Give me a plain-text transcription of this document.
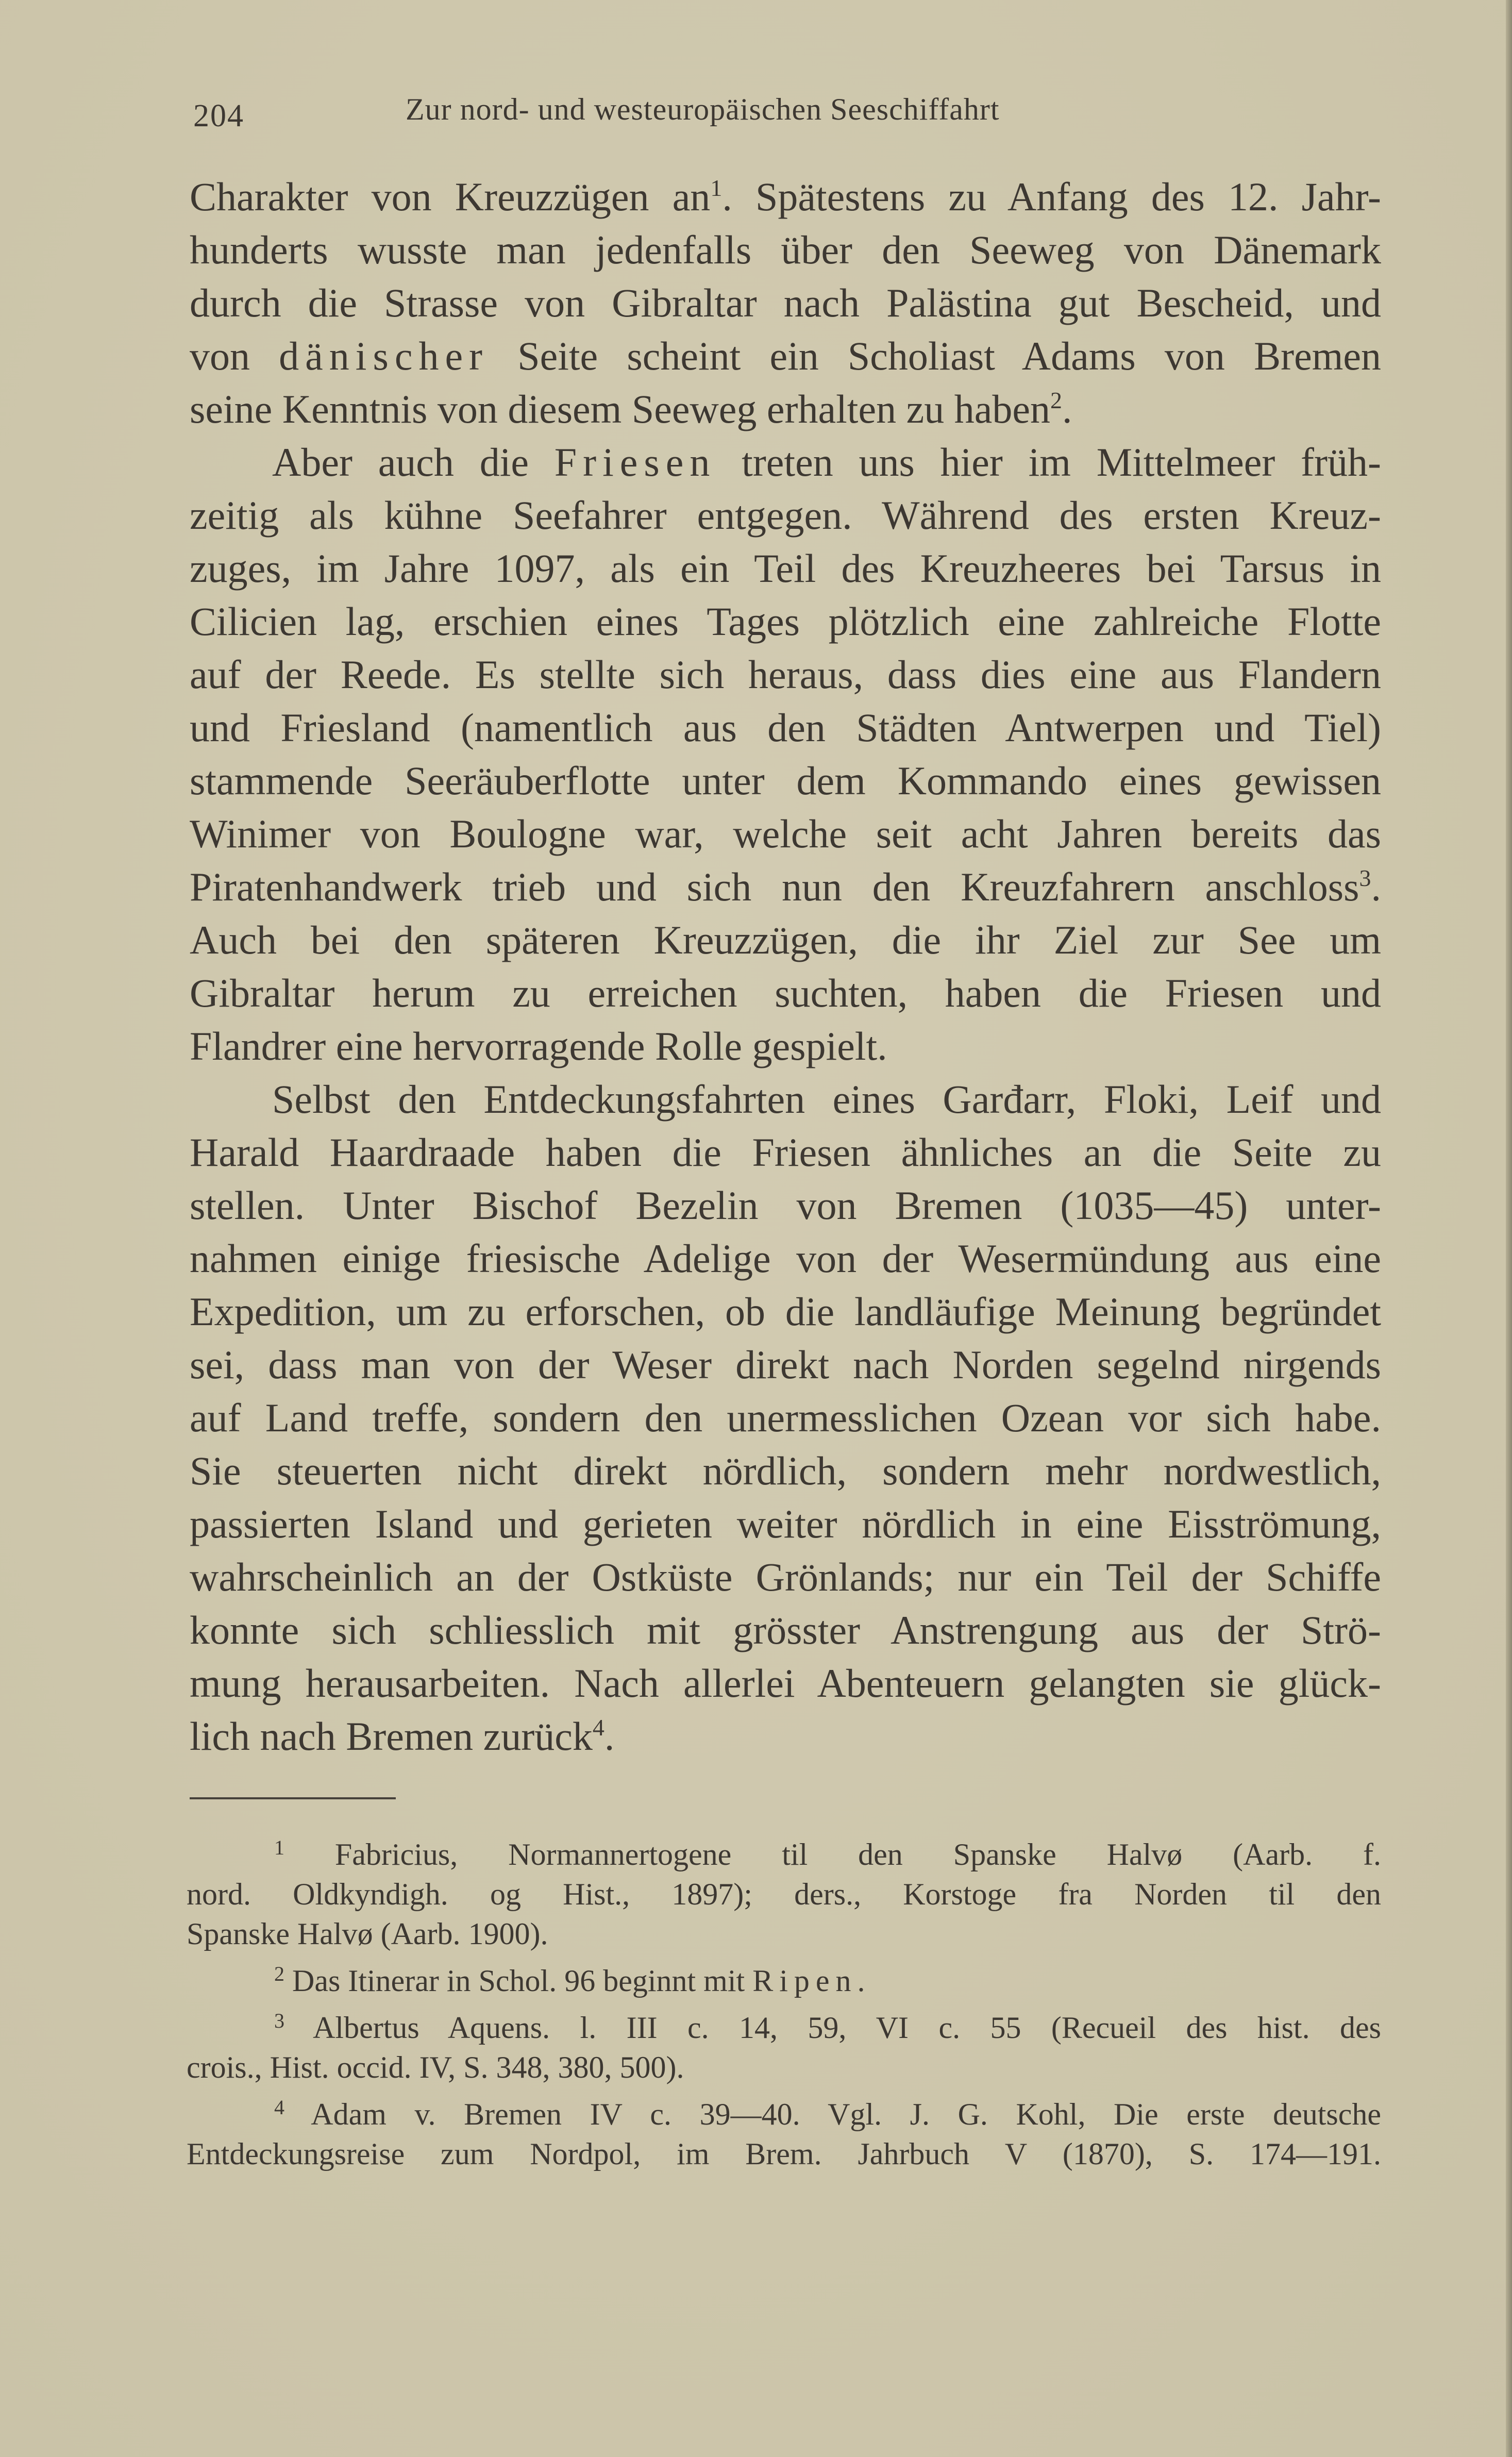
204	Zur nord- und westeuropäischen Seeschiffahrt
Charakter von Kreuzzügen $an^1$. Spätestens zu Anfang des 12. Jahr-
hunderts wusste man jedenfalls über den Seeweg von Dänemark
durch die Strasse von Gibraltar nach Palästina gut Bescheid, und
von dänischer Seite scheint ein Scholiast Adams von Bremen
seine Kenntnis von diesem Seeweg erhalten zu haben$^2$.
Aber auch die Friesen treten uns hier im Mittelmeer früh-
zeitig als kühne Seefahrer entgegen. Während des ersten Kreuz-
zuges, im Jahre 1097, als ein Teil des Kreuzheeres bei Tarsus in
Cilicien lag, erschien eines Tages plötzlich eine zahlreiche Flotte
auf der Reede. Es stellte sich heraus, dass dies eine aus Flandern
und Friesland (namentlich aus den Städten Antwerpen und Tiel)
stammende Seeräuberflotte unter dem Kommando eines gewissen
Winimer von Boulogne war, welche seit acht Jahren bereits das
Piratenhandwerk trieb und sich nun den Kreuzfahrern anschloss$^3$.
Auch bei den späteren Kreuzzügen, die ihr Ziel zur See um
Gibraltar herum zu erreichen suchten, haben die Friesen und
Flandrer eine hervorragende Rolle gespielt.
Selbst den Entdeckungsfahrten eines Garđarr, Floki, Leif und
Harald Haardraade haben die Friesen ähnliches an die Seite zu
stellen. Unter Bischof Bezelin von Bremen (1035—45) unter-
nahmen einige friesische Adelige von der Wesermündung aus eine
Expedition, um zu erforschen, ob die landläufige Meinung begründet
sei, dass man von der Weser direkt nach Norden segelnd nirgends
auf Land treffe, sondern den unermesslichen Ozean vor sich habe.
Sie steuerten nicht direkt nördlich, sondern mehr nordwestlich,
passierten Island und gerieten weiter nördlich in eine Eisströmung,
wahrscheinlich an der Ostküste Grönlands; nur ein Teil der Schiffe
konnte sich schliesslich mit grösster Anstrengung aus der Strö-
mung herausarbeiten. Nach allerlei Abenteuern gelangten sie glück-
lich nach Bremen zurück$^4$.
$^1$ Fabricius, Normannertogene til den Spanske Halvø (Aarb. f.
nord. Oldkyndigh. og Hist., 1897); ders., Korstoge fra Norden til den
Spanske Halvø (Aarb. 1900).
$^2$ Das Itinerar in Schol. 96 beginnt mit Ripen.
$^3$ Albertus Aquens. l. III c. 14, 59, VI c. 55 (Recueil des hist. des
crois., Hist. occid. IV, S. 348, 380, 500).
$^4$ Adam v. Bremen IV c. 39—40. Vgl. J. G. Kohl, Die erste deutsche
Entdeckungsreise zum Nordpol, im Brem. Jahrbuch V (1870), S. 174—191.
